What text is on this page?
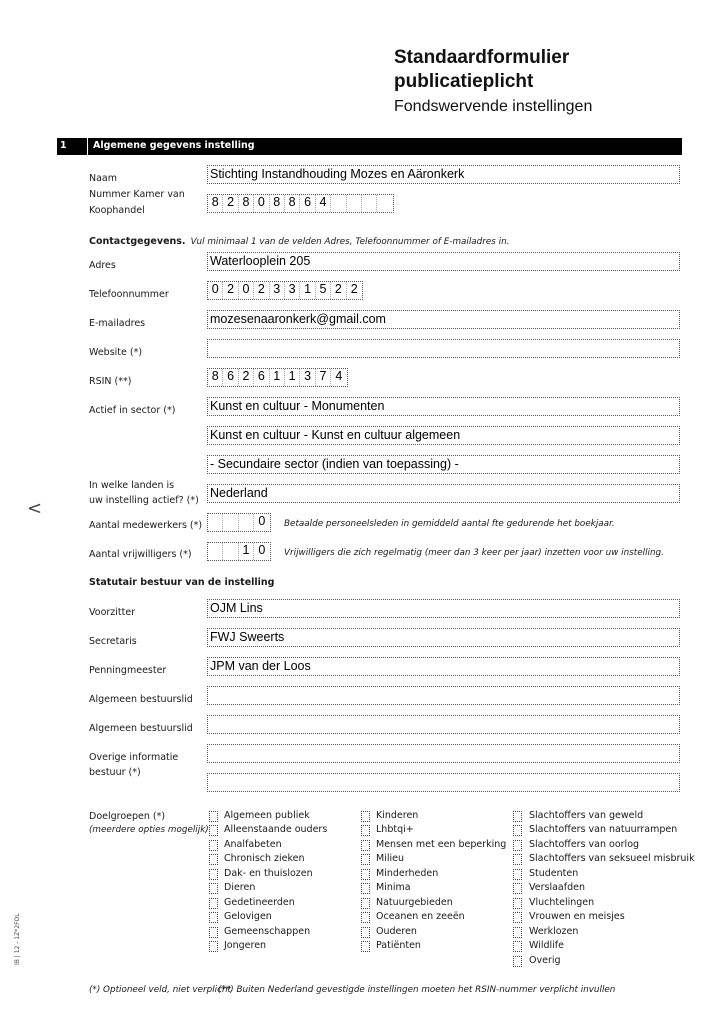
Standaardformulier
publicatieplicht
Fondswervende instellingen
1	Algemene gegevens instelling
Naam	Stichting Instandhouding Mozes en Aäronkerk
Nummer Kamer van
Koophandel
8 2 8 0 8 8 6 4
Contactgegevens. Vul minimaal 1 van de velden Adres, Telefoonnummer of E-mailadres in.
Adres	Waterlooplein 205
Telefoonnummer	0 2 0 2 3 3 1 5 2 2
E-mailadres	mozesenaaronkerk@gmail.com
Website (*)
RSIN (**)	8 6 2 6 1 1 3 7 4
Actief in sector (*)	Kunst en cultuur - Monumenten
Kunst en cultuur - Kunst en cultuur algemeen
- Secundaire sector (indien van toepassing) -
In welke landen is
uw instelling actief? (*)
Nederland
Aantal medewerkers (*)	0	Betaalde personeelsleden in gemiddeld aantal fte gedurende het boekjaar.
Aantal vrijwilligers (*)	1 0	Vrijwilligers die zich regelmatig (meer dan 3 keer per jaar) inzetten voor uw instelling.
Statutair bestuur van de instelling
Voorzitter	OJM Lins
Secretaris	FWJ Sweerts
Penningmeester	JPM van der Loos
Algemeen bestuurslid
Algemeen bestuurslid
Overige informatie
bestuur (*)
Doelgroepen (*)
(meerdere opties mogelijk)
Algemeen publiek
Alleenstaande ouders
Analfabeten
Chronisch zieken
Dak- en thuislozen
Dieren
Gedetineerden
Gelovigen
Gemeenschappen
Jongeren
Kinderen
Lhbtqi+
Mensen met een beperking
Milieu
Minderheden
Minima
Natuurgebieden
Oceanen en zeeën
Ouderen
Patiënten
Slachtoffers van geweld
Slachtoffers van natuurrampen
Slachtoffers van oorlog
Slachtoffers van seksueel misbruik
Studenten
Verslaafden
Vluchtelingen
Vrouwen en meisjes
Werklozen
Wildlife
Overig
(*) Optioneel veld, niet verplicht
(**) Buiten Nederland gevestigde instellingen moeten het RSIN-nummer verplicht invullen
IB | 12 - 1Z*2FOL
<
